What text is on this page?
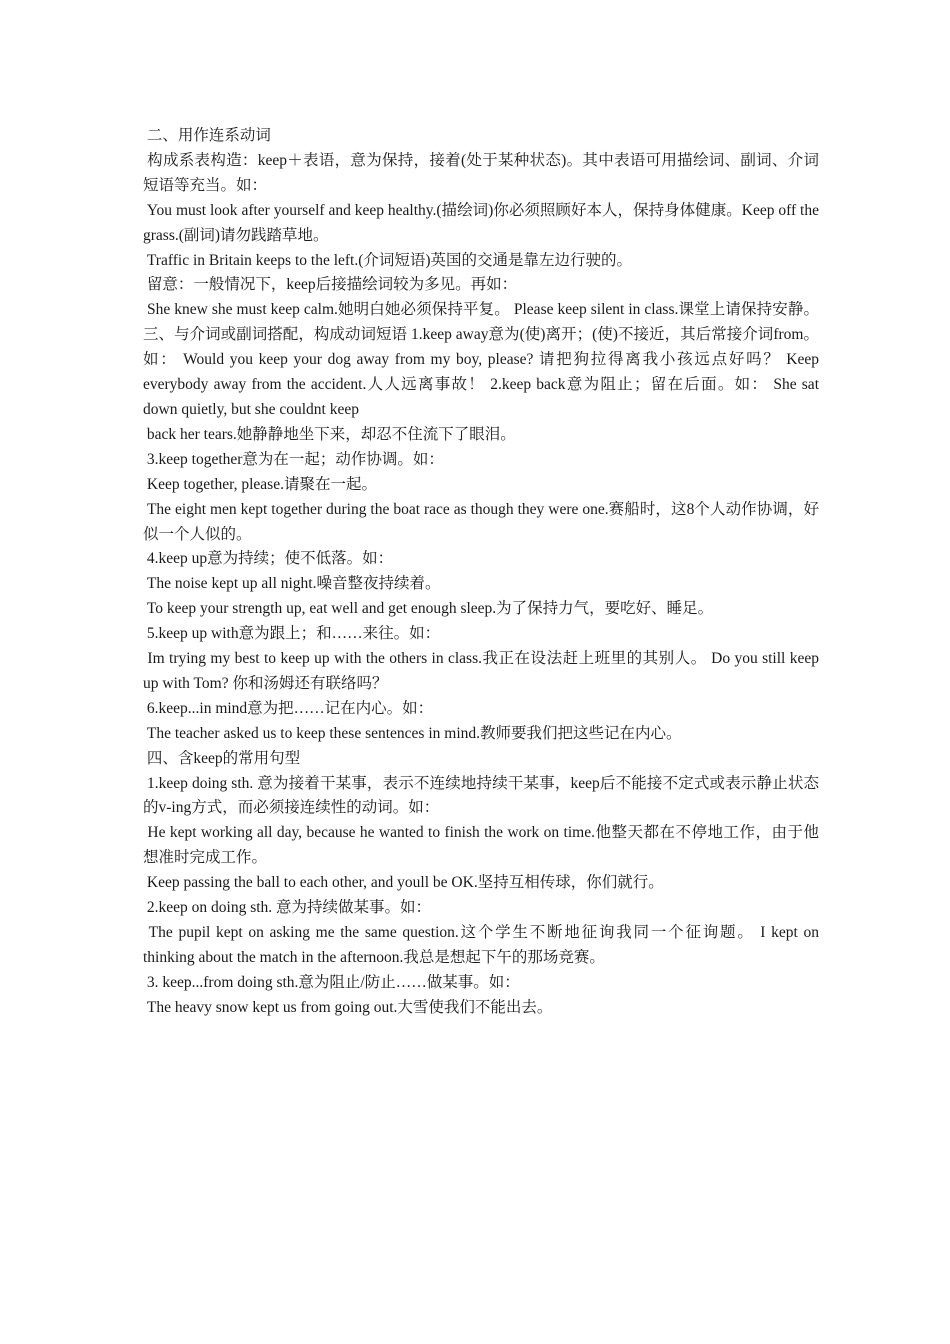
二、用作连系动词

构成系表构造：keep＋表语，意为保持，接着(处于某种状态)。其中表语可用描绘词、副词、介词短语等充当。如：

You must look after yourself and keep healthy.(描绘词)你必须照顾好本人，保持身体健康。Keep off the grass.(副词)请勿践踏草地。

Traffic in Britain keeps to the left.(介词短语)英国的交通是靠左边行驶的。

留意：一般情况下，keep后接描绘词较为多见。再如：

She knew she must keep calm.她明白她必须保持平复。 Please keep silent in class.课堂上请保持安静。 三、与介词或副词搭配，构成动词短语 1.keep away意为(使)离开；(使)不接近，其后常接介词from。如： Would you keep your dog away from my boy, please? 请把狗拉得离我小孩远点好吗？ Keep everybody away from the accident.人人远离事故！ 2.keep back意为阻止；留在后面。如： She sat down quietly, but she couldnt keep

back her tears.她静静地坐下来，却忍不住流下了眼泪。

3.keep together意为在一起；动作协调。如：

Keep together, please.请聚在一起。

The eight men kept together during the boat race as though they were one.赛船时，这8个人动作协调，好似一个人似的。

4.keep up意为持续；使不低落。如：

The noise kept up all night.噪音整夜持续着。

To keep your strength up, eat well and get enough sleep.为了保持力气，要吃好、睡足。

5.keep up with意为跟上；和……来往。如：

Im trying my best to keep up with the others in class.我正在设法赶上班里的其别人。 Do you still keep up with Tom? 你和汤姆还有联络吗？

6.keep...in mind意为把……记在内心。如：

The teacher asked us to keep these sentences in mind.教师要我们把这些记在内心。

四、含keep的常用句型

1.keep doing sth. 意为接着干某事，表示不连续地持续干某事，keep后不能接不定式或表示静止状态的v-ing方式，而必须接连续性的动词。如：

He kept working all day, because he wanted to finish the work on time.他整天都在不停地工作，由于他想准时完成工作。

Keep passing the ball to each other, and youll be OK.坚持互相传球，你们就行。

2.keep on doing sth. 意为持续做某事。如：

The pupil kept on asking me the same question.这个学生不断地征询我同一个征询题。 I kept on thinking about the match in the afternoon.我总是想起下午的那场竞赛。

3. keep...from doing sth.意为阻止/防止……做某事。如：

The heavy snow kept us from going out.大雪使我们不能出去。
